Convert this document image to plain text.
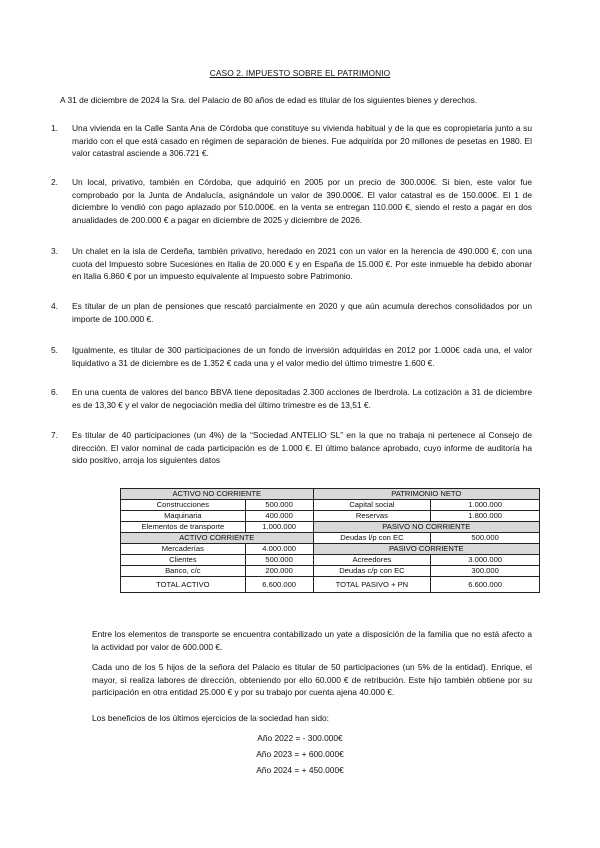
CASO 2. IMPUESTO SOBRE EL PATRIMONIO
A 31 de diciembre de 2024 la Sra. del Palacio de 80 años de edad es titular de los siguientes bienes y derechos.
1. Una vivienda en la Calle Santa Ana de Córdoba que constituye su vivienda habitual y de la que es copropietaria junto a su marido con el que está casado en régimen de separación de bienes. Fue adquirida por 20 millones de pesetas en 1980. El valor catastral asciende a 306.721 €.
2. Un local, privativo, también en Córdoba, que adquirió en 2005 por un precio de 300.000€. Si bien, este valor fue comprobado por la Junta de Andalucía, asignándole un valor de 390.000€. El valor catastral es de 150.000€. El 1 de diciembre lo vendió con pago aplazado por 510.000€. en la venta se entregan 110.000 €, siendo el resto a pagar en dos anualidades de 200.000 € a pagar en diciembre de 2025 y diciembre de 2026.
3. Un chalet en la isla de Cerdeña, también privativo, heredado en 2021 con un valor en la herencia de 490.000 €, con una cuota del Impuesto sobre Sucesiones en Italia de 20.000 € y en España de 15.000 €. Por este inmueble ha debido abonar en Italia 6.860 € por un impuesto equivalente al Impuesto sobre Patrimonio.
4. Es titular de un plan de pensiones que rescató parcialmente en 2020 y que aún acumula derechos consolidados por un importe de 100.000 €.
5. Igualmente, es titular de 300 participaciones de un fondo de inversión adquiridas en 2012 por 1.000€ cada una, el valor liquidativo a 31 de diciembre es de 1.352 € cada una y el valor medio del último trimestre 1.600 €.
6. En una cuenta de valores del banco BBVA tiene depositadas 2.300 acciones de Iberdrola. La cotización a 31 de diciembre es de 13,30 € y el valor de negociación media del último trimestre es de 13,51 €.
7. Es titular de 40 participaciones (un 4%) de la “Sociedad ANTELIO SL” en la que no trabaja ni pertenece al Consejo de dirección. El valor nominal de cada participación es de 1.000 €. El último balance aprobado, cuyo informe de auditoría ha sido positivo, arroja los siguientes datos
ACTIVO NO CORRIENTE		PATRIMONIO NETO	
Construcciones	500.000	Capital social	1.000.000
Maquinaria	400.000	Reservas	1.800.000
Elementos de transporte	1.000.000	PASIVO NO CORRIENTE	
ACTIVO CORRIENTE		Deudas l/p con EC	500.000
Mercaderías	4.000.000	PASIVO CORRIENTE	
Clientes	500.000	Acreedores	3.000.000
Banco, c/c	200.000	Deudas c/p con EC	300.000
TOTAL ACTIVO	6.600.000	TOTAL PASIVO + PN	6.600.000
Entre los elementos de transporte se encuentra contabilizado un yate a disposición de la familia que no está afecto a la actividad por valor de 600.000 €.
Cada uno de los 5 hijos de la señora del Palacio es titular de 50 participaciones (un 5% de la entidad). Enrique, el mayor, sí realiza labores de dirección, obteniendo por ello 60.000 € de retribución. Este hijo también obtiene por su participación en otra entidad 25.000 € y por su trabajo por cuenta ajena 40.000 €.
Los beneficios de los últimos ejercicios de la sociedad han sido:
Año 2022 = - 300.000€
Año 2023 = + 600.000€
Año 2024 = + 450.000€
